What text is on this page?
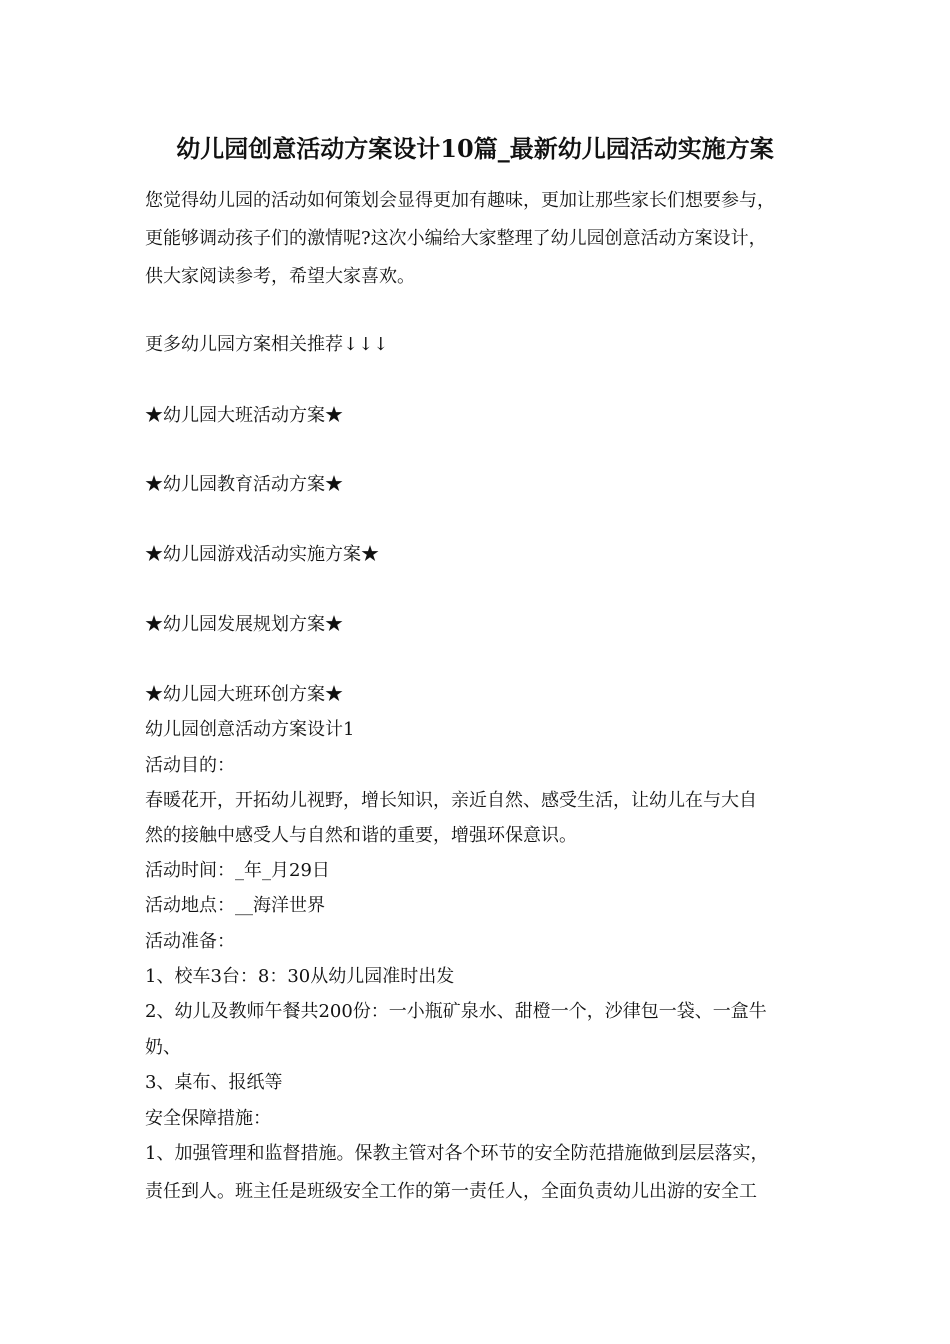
幼儿园创意活动方案设计10篇_最新幼儿园活动实施方案
您觉得幼儿园的活动如何策划会显得更加有趣味，更加让那些家长们想要参与，
更能够调动孩子们的激情呢?这次小编给大家整理了幼儿园创意活动方案设计，
供大家阅读参考，希望大家喜欢。
更多幼儿园方案相关推荐↓↓↓
★幼儿园大班活动方案★
★幼儿园教育活动方案★
★幼儿园游戏活动实施方案★
★幼儿园发展规划方案★
★幼儿园大班环创方案★
幼儿园创意活动方案设计1
活动目的：
春暖花开，开拓幼儿视野，增长知识，亲近自然、感受生活，让幼儿在与大自
然的接触中感受人与自然和谐的重要，增强环保意识。
活动时间：_年_月29日
活动地点：__海洋世界
活动准备：
1、校车3台：8：30从幼儿园准时出发
2、幼儿及教师午餐共200份：一小瓶矿泉水、甜橙一个，沙律包一袋、一盒牛
奶、
3、桌布、报纸等
安全保障措施：
1、加强管理和监督措施。保教主管对各个环节的安全防范措施做到层层落实，
责任到人。班主任是班级安全工作的第一责任人，全面负责幼儿出游的安全工
